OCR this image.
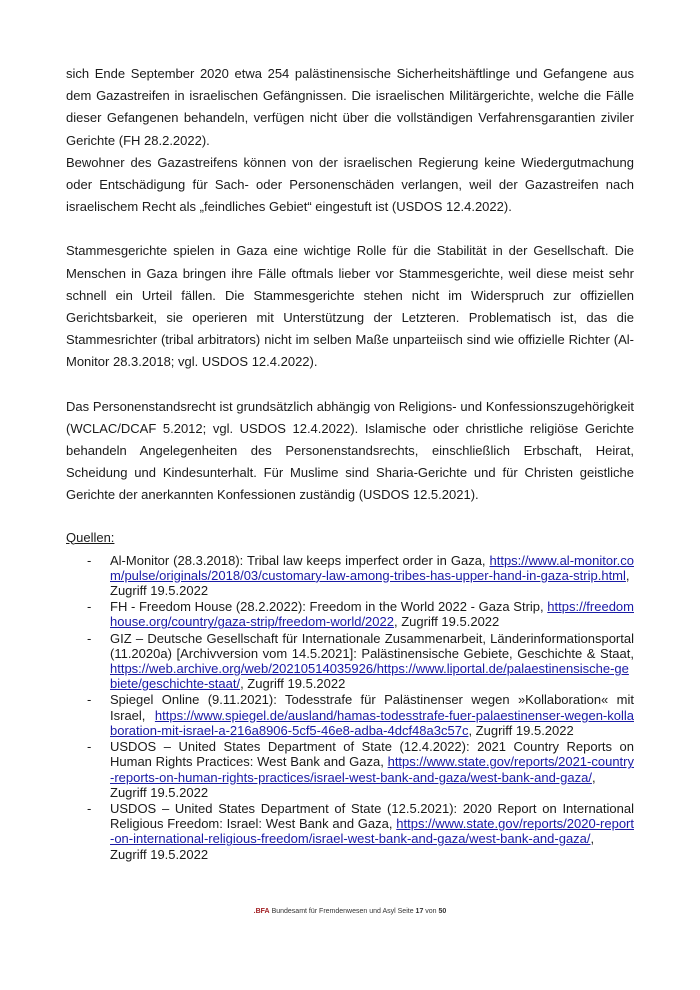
sich Ende September 2020 etwa 254 palästinensische Sicherheitshäftlinge und Gefangene aus dem Gazastreifen in israelischen Gefängnissen. Die israelischen Militärgerichte, welche die Fälle dieser Gefangenen behandeln, verfügen nicht über die vollständigen Verfahrensgarantien ziviler Gerichte (FH 28.2.2022).

Bewohner des Gazastreifens können von der israelischen Regierung keine Wiedergutmachung oder Entschädigung für Sach- oder Personenschäden verlangen, weil der Gazastreifen nach israelischem Recht als „feindliches Gebiet“ eingestuft ist (USDOS 12.4.2022).

Stammesgerichte spielen in Gaza eine wichtige Rolle für die Stabilität in der Gesellschaft. Die Menschen in Gaza bringen ihre Fälle oftmals lieber vor Stammesgerichte, weil diese meist sehr schnell ein Urteil fällen. Die Stammesgerichte stehen nicht im Widerspruch zur offiziellen Gerichtsbarkeit, sie operieren mit Unterstützung der Letzteren. Problematisch ist, das die Stammesrichter (tribal arbitrators) nicht im selben Maße unparteiisch sind wie offizielle Richter (Al-Monitor 28.3.2018; vgl. USDOS 12.4.2022).

Das Personenstandsrecht ist grundsätzlich abhängig von Religions- und Konfessionszugehörigkeit (WCLAC/DCAF 5.2012; vgl. USDOS 12.4.2022). Islamische oder christliche religiöse Gerichte behandeln Angelegenheiten des Personenstandsrechts, einschließlich Erbschaft, Heirat, Scheidung und Kindesunterhalt. Für Muslime sind Sharia-Gerichte und für Christen geistliche Gerichte der anerkannten Konfessionen zuständig (USDOS 12.5.2021).

Quellen:
- Al-Monitor (28.3.2018): Tribal law keeps imperfect order in Gaza, https://www.al-monitor.com/pulse/originals/2018/03/customary-law-among-tribes-has-upper-hand-in-gaza-strip.html, Zugriff 19.5.2022
- FH - Freedom House (28.2.2022): Freedom in the World 2022 - Gaza Strip, https://freedomhouse.org/country/gaza-strip/freedom-world/2022, Zugriff 19.5.2022
- GIZ – Deutsche Gesellschaft für Internationale Zusammenarbeit, Länderinformationsportal (11.2020a) [Archivversion vom 14.5.2021]: Palästinensische Gebiete, Geschichte & Staat, https://web.archive.org/web/20210514035926/https://www.liportal.de/palaestinensische-gebiete/geschichte-staat/, Zugriff 19.5.2022
- Spiegel Online (9.11.2021): Todesstrafe für Palästinenser wegen »Kollaboration« mit Israel, https://www.spiegel.de/ausland/hamas-todesstrafe-fuer-palaestinenser-wegen-kollaboration-mit-israel-a-216a8906-5cf5-46e8-adba-4dcf48a3c57c, Zugriff 19.5.2022
- USDOS – United States Department of State (12.4.2022): 2021 Country Reports on Human Rights Practices: West Bank and Gaza, https://www.state.gov/reports/2021-country-reports-on-human-rights-practices/israel-west-bank-and-gaza/west-bank-and-gaza/, Zugriff 19.5.2022
- USDOS – United States Department of State (12.5.2021): 2020 Report on International Religious Freedom: Israel: West Bank and Gaza, https://www.state.gov/reports/2020-report-on-international-religious-freedom/israel-west-bank-and-gaza/west-bank-and-gaza/, Zugriff 19.5.2022
.BFA Bundesamt für Fremdenwesen und Asyl Seite 17 von 50
